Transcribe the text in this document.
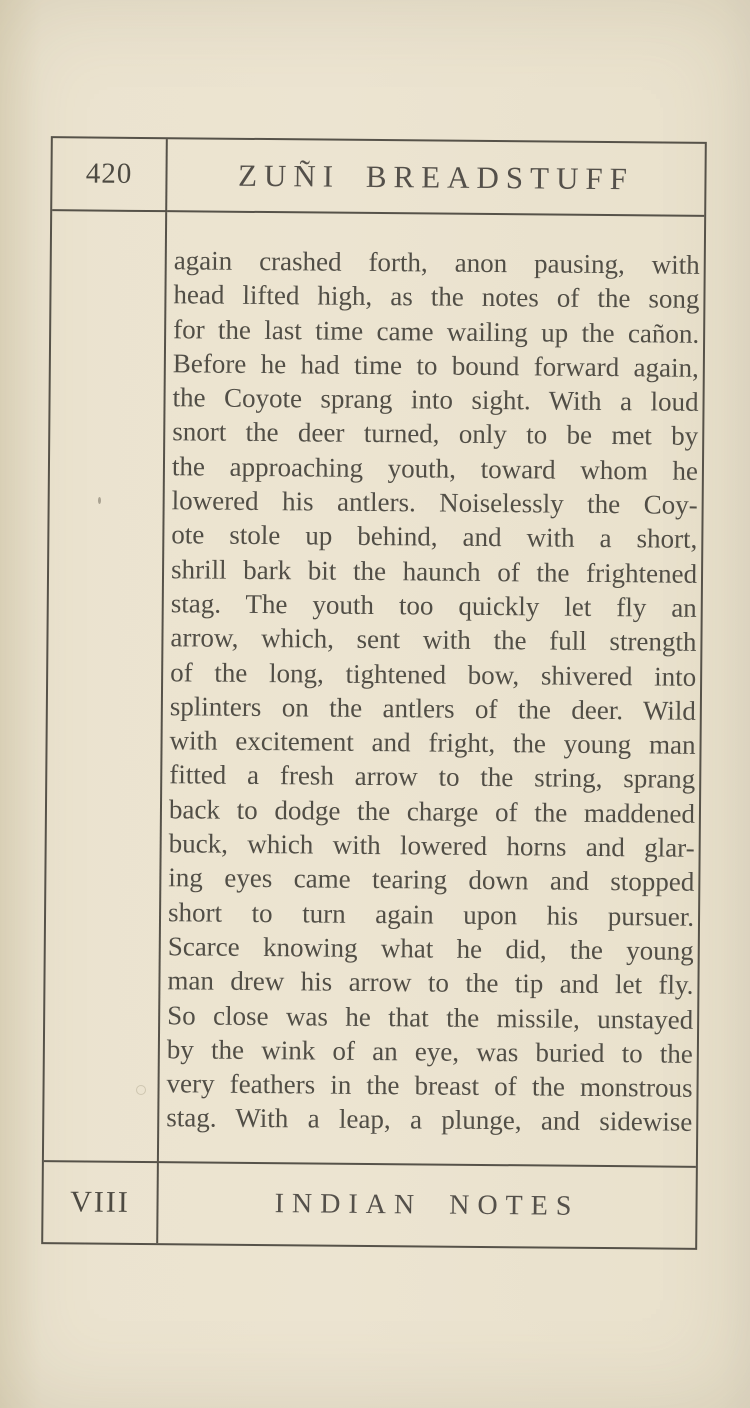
420	ZUÑI BREADSTUFF
again crashed forth, anon pausing, with
head lifted high, as the notes of the song
for the last time came wailing up the cañon.
Before he had time to bound forward again,
the Coyote sprang into sight. With a loud
snort the deer turned, only to be met by
the approaching youth, toward whom he
lowered his antlers. Noiselessly the Coy-
ote stole up behind, and with a short,
shrill bark bit the haunch of the frightened
stag. The youth too quickly let fly an
arrow, which, sent with the full strength
of the long, tightened bow, shivered into
splinters on the antlers of the deer. Wild
with excitement and fright, the young man
fitted a fresh arrow to the string, sprang
back to dodge the charge of the maddened
buck, which with lowered horns and glar-
ing eyes came tearing down and stopped
short to turn again upon his pursuer.
Scarce knowing what he did, the young
man drew his arrow to the tip and let fly.
So close was he that the missile, unstayed
by the wink of an eye, was buried to the
very feathers in the breast of the monstrous
stag. With a leap, a plunge, and sidewise
VIII	INDIAN NOTES
